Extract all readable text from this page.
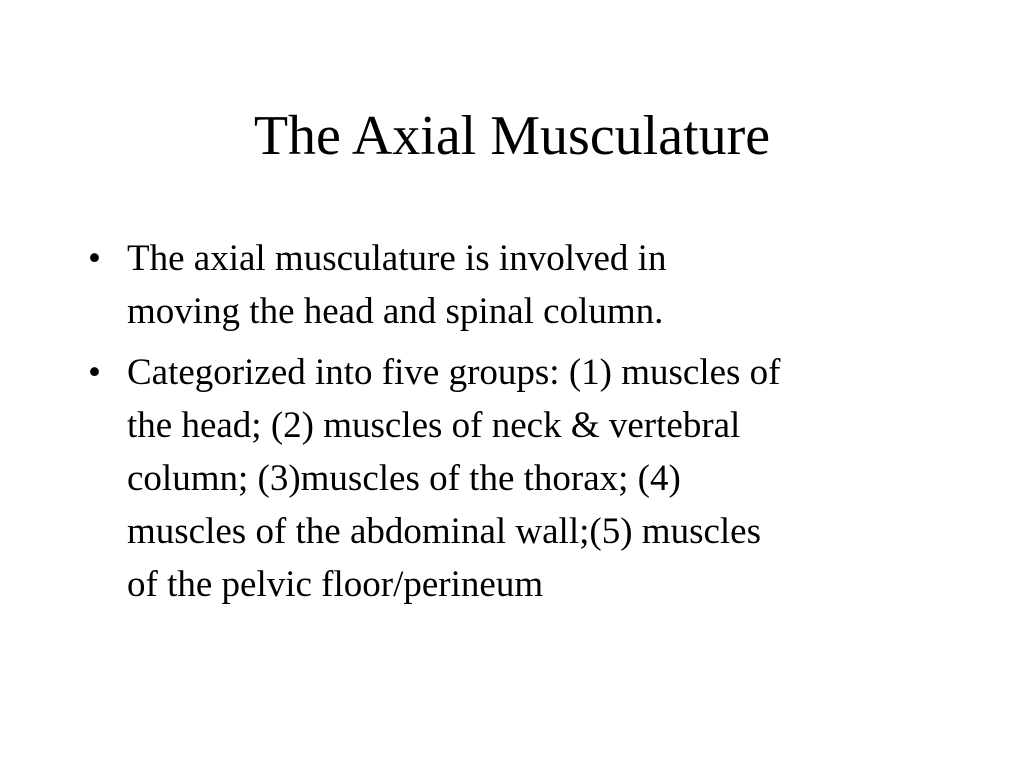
The Axial Musculature
• The axial musculature is involved in
moving the head and spinal column.
• Categorized into five groups: (1) muscles of
the head; (2) muscles of neck & vertebral
column; (3)muscles of the thorax; (4)
muscles of the abdominal wall;(5) muscles
of the pelvic floor/perineum
